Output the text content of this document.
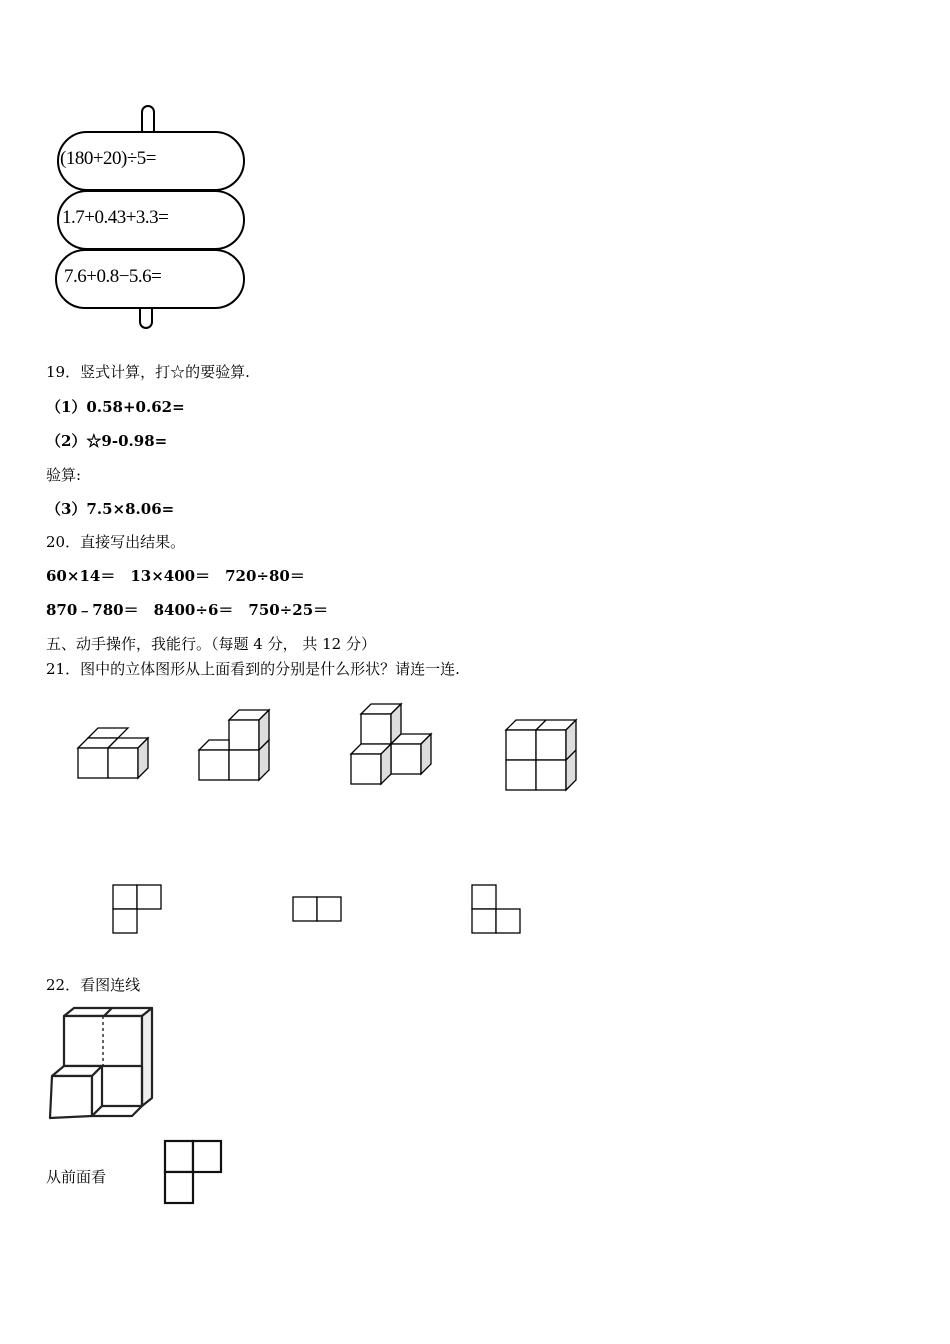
(180+20)÷5=
1.7+0.43+3.3=
7.6+0.8−5.6=
19．竖式计算，打☆的要验算.
（1）0.58+0.62=
（2）☆9-0.98=
验算:
（3）7.5×8.06=
20．直接写出结果。
60×14＝　13×400＝　720÷80＝
870﹣780＝　8400÷6＝　750÷25＝
五、动手操作，我能行。（每题 4 分， 共 12 分）
21．图中的立体图形从上面看到的分别是什么形状？请连一连.
22．看图连线
从前面看
